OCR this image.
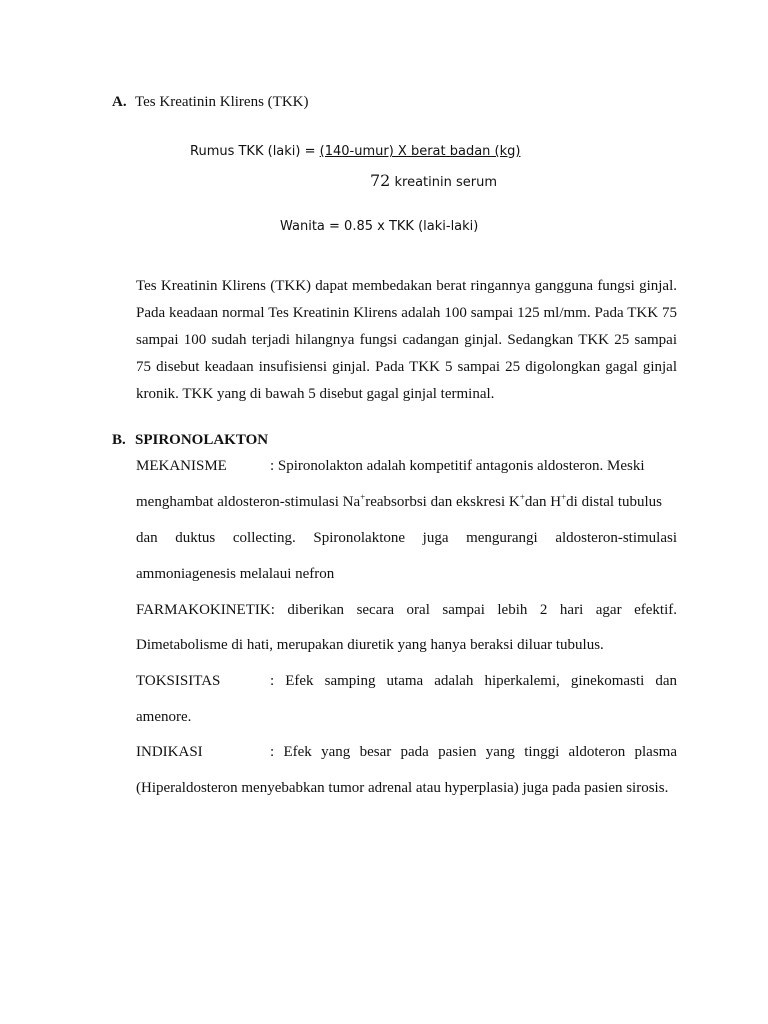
A. Tes Kreatinin Klirens (TKK)
Rumus TKK (laki) = (140-umur) X berat badan (kg)
72 kreatinin serum
Wanita = 0.85 x TKK (laki-laki)

Tes Kreatinin Klirens (TKK) dapat membedakan berat ringannya gangguna fungsi ginjal. Pada keadaan normal Tes Kreatinin Klirens adalah 100 sampai 125 ml/mm. Pada TKK 75 sampai 100 sudah terjadi hilangnya fungsi cadangan ginjal. Sedangkan TKK 25 sampai 75 disebut keadaan insufisiensi ginjal. Pada TKK 5 sampai 25 digolongkan gagal ginjal kronik. TKK yang di bawah 5 disebut gagal ginjal terminal.

B. SPIRONOLAKTON
MEKANISME	: Spironolakton adalah kompetitif antagonis aldosteron. Meski
menghambat aldosteron-stimulasi Na+reabsorbsi dan ekskresi K+dan H+di distal tubulus
dan duktus collecting. Spironolaktone juga mengurangi aldosteron-stimulasi
ammoniagenesis melalaui nefron
FARMAKOKINETIK: diberikan secara oral sampai lebih 2 hari agar efektif.
Dimetabolisme di hati, merupakan diuretik yang hanya beraksi diluar tubulus.
TOKSISITAS	: Efek samping utama adalah hiperkalemi, ginekomasti dan
amenore.
INDIKASI	: Efek yang besar pada pasien yang tinggi aldoteron plasma
(Hiperaldosteron menyebabkan tumor adrenal atau hyperplasia) juga pada pasien sirosis.
